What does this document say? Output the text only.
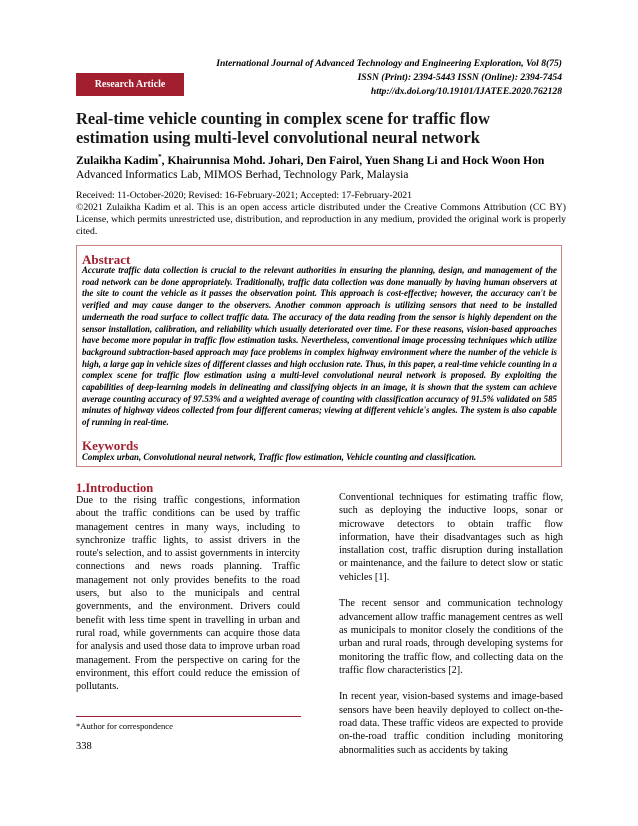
Research Article
International Journal of Advanced Technology and Engineering Exploration, Vol 8(75)
ISSN (Print): 2394-5443 ISSN (Online): 2394-7454
http://dx.doi.org/10.19101/IJATEE.2020.762128
Real-time vehicle counting in complex scene for traffic flow estimation using multi-level convolutional neural network
Zulaikha Kadim*, Khairunnisa Mohd. Johari, Den Fairol, Yuen Shang Li and Hock Woon Hon
Advanced Informatics Lab, MIMOS Berhad, Technology Park, Malaysia
Received: 11-October-2020; Revised: 16-February-2021; Accepted: 17-February-2021
©2021 Zulaikha Kadim et al. This is an open access article distributed under the Creative Commons Attribution (CC BY) License, which permits unrestricted use, distribution, and reproduction in any medium, provided the original work is properly cited.
Abstract
Accurate traffic data collection is crucial to the relevant authorities in ensuring the planning, design, and management of the road network can be done appropriately. Traditionally, traffic data collection was done manually by having human observers at the site to count the vehicle as it passes the observation point. This approach is cost-effective; however, the accuracy can't be verified and may cause danger to the observers. Another common approach is utilizing sensors that need to be installed underneath the road surface to collect traffic data. The accuracy of the data reading from the sensor is highly dependent on the sensor installation, calibration, and reliability which usually deteriorated over time. For these reasons, vision-based approaches have become more popular in traffic flow estimation tasks. Nevertheless, conventional image processing techniques which utilize background subtraction-based approach may face problems in complex highway environment where the number of the vehicle is high, a large gap in vehicle sizes of different classes and high occlusion rate. Thus, in this paper, a real-time vehicle counting in a complex scene for traffic flow estimation using a multi-level convolutional neural network is proposed. By exploiting the capabilities of deep-learning models in delineating and classifying objects in an image, it is shown that the system can achieve average counting accuracy of 97.53% and a weighted average of counting with classification accuracy of 91.5% validated on 585 minutes of highway videos collected from four different cameras; viewing at different vehicle's angles. The system is also capable of running in real-time.
Keywords
Complex urban, Convolutional neural network, Traffic flow estimation, Vehicle counting and classification.
1.Introduction
Due to the rising traffic congestions, information about the traffic conditions can be used by traffic management centres in many ways, including to synchronize traffic lights, to assist drivers in the route's selection, and to assist governments in intercity connections and news roads planning. Traffic management not only provides benefits to the road users, but also to the municipals and central governments, and the environment. Drivers could benefit with less time spent in travelling in urban and rural road, while governments can acquire those data for analysis and used those data to improve urban road management. From the perspective on caring for the environment, this effort could reduce the emission of pollutants.

Conventional techniques for estimating traffic flow, such as deploying the inductive loops, sonar or microwave detectors to obtain traffic flow information, have their disadvantages such as high installation cost, traffic disruption during installation or maintenance, and the failure to detect slow or static vehicles [1].

The recent sensor and communication technology advancement allow traffic management centres as well as municipals to monitor closely the conditions of the urban and rural roads, through developing systems for monitoring the traffic flow, and collecting data on the traffic flow characteristics [2].

In recent year, vision-based systems and image-based sensors have been heavily deployed to collect on-the-road data. These traffic videos are expected to provide on-the-road traffic condition including monitoring abnormalities such as accidents by taking

*Author for correspondence
338
